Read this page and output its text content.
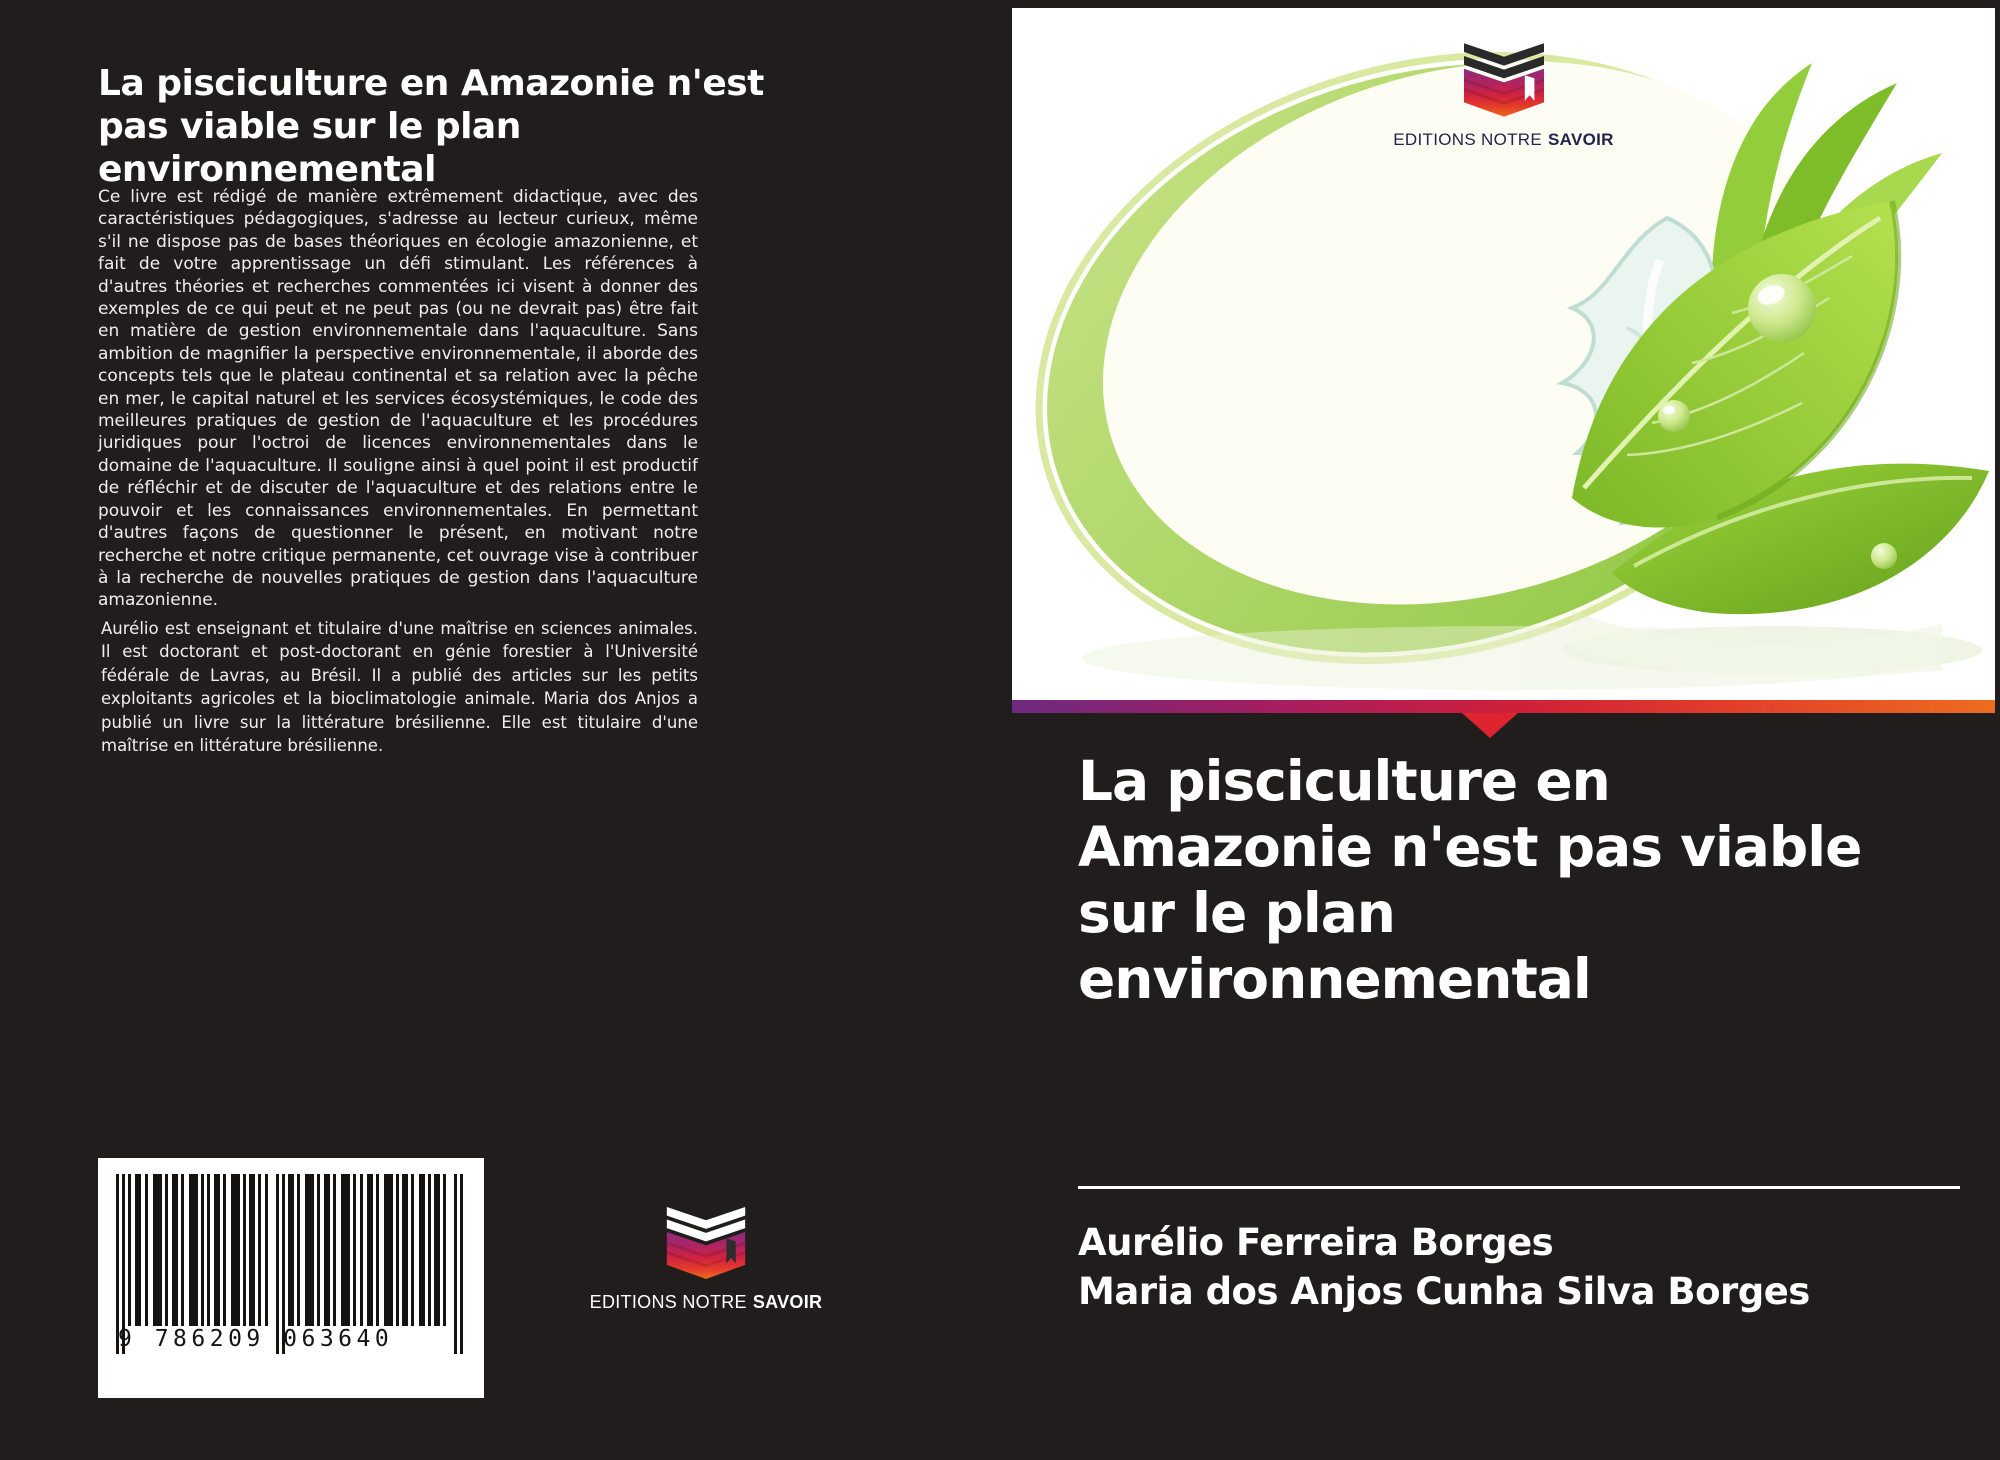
La pisciculture en Amazonie n'est
pas viable sur le plan
environnemental

Ce livre est rédigé de manière extrêmement didactique, avec des caractéristiques pédagogiques, s'adresse au lecteur curieux, même s'il ne dispose pas de bases théoriques en écologie amazonienne, et fait de votre apprentissage un défi stimulant. Les références à d'autres théories et recherches commentées ici visent à donner des exemples de ce qui peut et ne peut pas (ou ne devrait pas) être fait en matière de gestion environnementale dans l'aquaculture. Sans ambition de magnifier la perspective environnementale, il aborde des concepts tels que le plateau continental et sa relation avec la pêche en mer, le capital naturel et les services écosystémiques, le code des meilleures pratiques de gestion de l'aquaculture et les procédures juridiques pour l'octroi de licences environnementales dans le domaine de l'aquaculture. Il souligne ainsi à quel point il est productif de réfléchir et de discuter de l'aquaculture et des relations entre le pouvoir et les connaissances environnementales. En permettant d'autres façons de questionner le présent, en motivant notre recherche et notre critique permanente, cet ouvrage vise à contribuer à la recherche de nouvelles pratiques de gestion dans l'aquaculture amazonienne.

Aurélio est enseignant et titulaire d'une maîtrise en sciences animales. Il est doctorant et post-doctorant en génie forestier à l'Université fédérale de Lavras, au Brésil. Il a publié des articles sur les petits exploitants agricoles et la bioclimatologie animale. Maria dos Anjos a publié un livre sur la littérature brésilienne. Elle est titulaire d'une maîtrise en littérature brésilienne.

9 786209 063640
EDITIONS NOTRE SAVOIR
EDITIONS NOTRE SAVOIR
La pisciculture en
Amazonie n'est pas viable
sur le plan
environnemental
Aurélio Ferreira Borges
Maria dos Anjos Cunha Silva Borges
